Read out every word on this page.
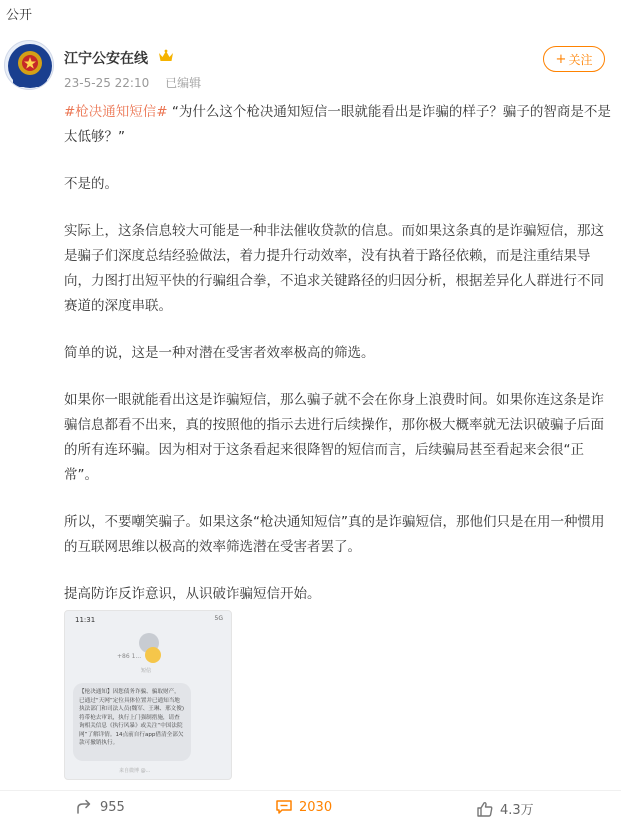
公开
江宁公安在线
23-5-25 22:10 已编辑
+ 关注

#枪决通知短信# “为什么这个枪决通知短信一眼就能看出是诈骗的样子？骗子的智商是不是太低够？”

不是的。

实际上，这条信息较大可能是一种非法催收贷款的信息。而如果这条真的是诈骗短信，那这是骗子们深度总结经验做法，着力提升行动效率，没有执着于路径依赖，而是注重结果导向，力图打出短平快的行骗组合拳，不追求关键路径的归因分析，根据差异化人群进行不同赛道的深度串联。

简单的说，这是一种对潜在受害者效率极高的筛选。

如果你一眼就能看出这是诈骗短信，那么骗子就不会在你身上浪费时间。如果你连这条是诈骗信息都看不出来，真的按照他的指示去进行后续操作，那你极大概率就无法识破骗子后面的所有连环骗。因为相对于这条看起来很降智的短信而言，后续骗局甚至看起来会很“正常”。

所以，不要嘲笑骗子。如果这条“枪决通知短信”真的是诈骗短信，那他们只是在用一种惯用的互联网思维以极高的效率筛选潜在受害者罢了。

提高防诈反诈意识，从识破诈骗短信开始。

11:31	5G
+86 1...
短信
【枪决通知】因您债务诈骗、骗取财产，已通过“天网”定位具体位置并已通知当地执法部门和司法人员(魏军、王琳、邢文俊)将带枪去审讯，执行上门强制措施，请查询相关信息《执行风暴》或关注“中国法院网”了解详情。14点前自行app借清全部欠款可撤销执行。
来自微博 @...
955	2030	4.3万
